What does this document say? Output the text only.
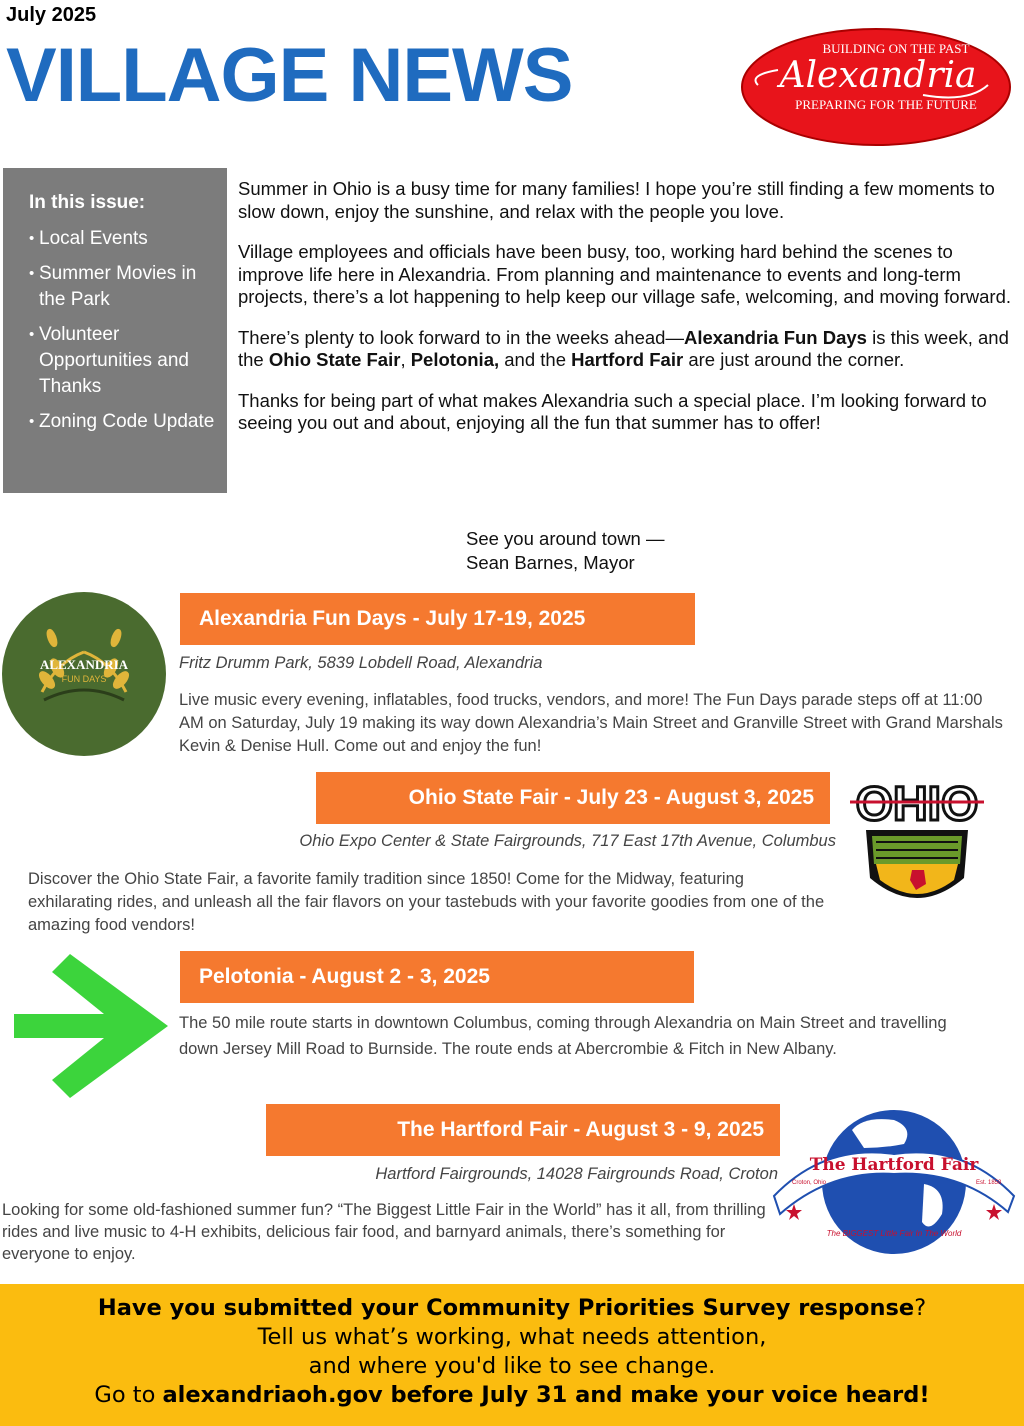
July 2025
VILLAGE NEWS	BUILDING ON THE PAST
Alexandria
PREPARING FOR THE FUTURE
In this issue:
• Local Events
• Summer Movies in the Park
• Volunteer Opportunities and Thanks
• Zoning Code Update

Summer in Ohio is a busy time for many families! I hope you’re still finding a few moments to slow down, enjoy the sunshine, and relax with the people you love.

Village employees and officials have been busy, too, working hard behind the scenes to improve life here in Alexandria. From planning and maintenance to events and long-term projects, there’s a lot happening to help keep our village safe, welcoming, and moving forward.

There’s plenty to look forward to in the weeks ahead—Alexandria Fun Days is this week, and the Ohio State Fair, Pelotonia, and the Hartford Fair are just around the corner.

Thanks for being part of what makes Alexandria such a special place. I’m looking forward to seeing you out and about, enjoying all the fun that summer has to offer!

See you around town —
Sean Barnes, Mayor
ALEXANDRIA
FUN DAYS
Alexandria Fun Days - July 17-19, 2025
Fritz Drumm Park, 5839 Lobdell Road, Alexandria
Live music every evening, inflatables, food trucks, vendors, and more! The Fun Days parade steps off at 11:00 AM on Saturday, July 19 making its way down Alexandria’s Main Street and Granville Street with Grand Marshals Kevin & Denise Hull. Come out and enjoy the fun!
Ohio State Fair - July 23 - August 3, 2025
Ohio Expo Center & State Fairgrounds, 717 East 17th Avenue, Columbus
Discover the Ohio State Fair, a favorite family tradition since 1850! Come for the Midway, featuring exhilarating rides, and unleash all the fair flavors on your tastebuds with your favorite goodies from one of the amazing food vendors!
OHIO
Pelotonia - August 2 - 3, 2025
The 50 mile route starts in downtown Columbus, coming through Alexandria on Main Street and travelling down Jersey Mill Road to Burnside. The route ends at Abercrombie & Fitch in New Albany.
The Hartford Fair - August 3 - 9, 2025
Hartford Fairgrounds, 14028 Fairgrounds Road, Croton
Looking for some old-fashioned summer fun? “The Biggest Little Fair in the World” has it all, from thrilling rides and live music to 4-H exhibits, delicious fair food, and barnyard animals, there’s something for everyone to enjoy.
The Hartford Fair
The BIGGEST Little Fair In The World
Croton, Ohio	Est. 1858
Have you submitted your Community Priorities Survey response?
Tell us what’s working, what needs attention,
and where you'd like to see change.
Go to alexandriaoh.gov before July 31 and make your voice heard!
